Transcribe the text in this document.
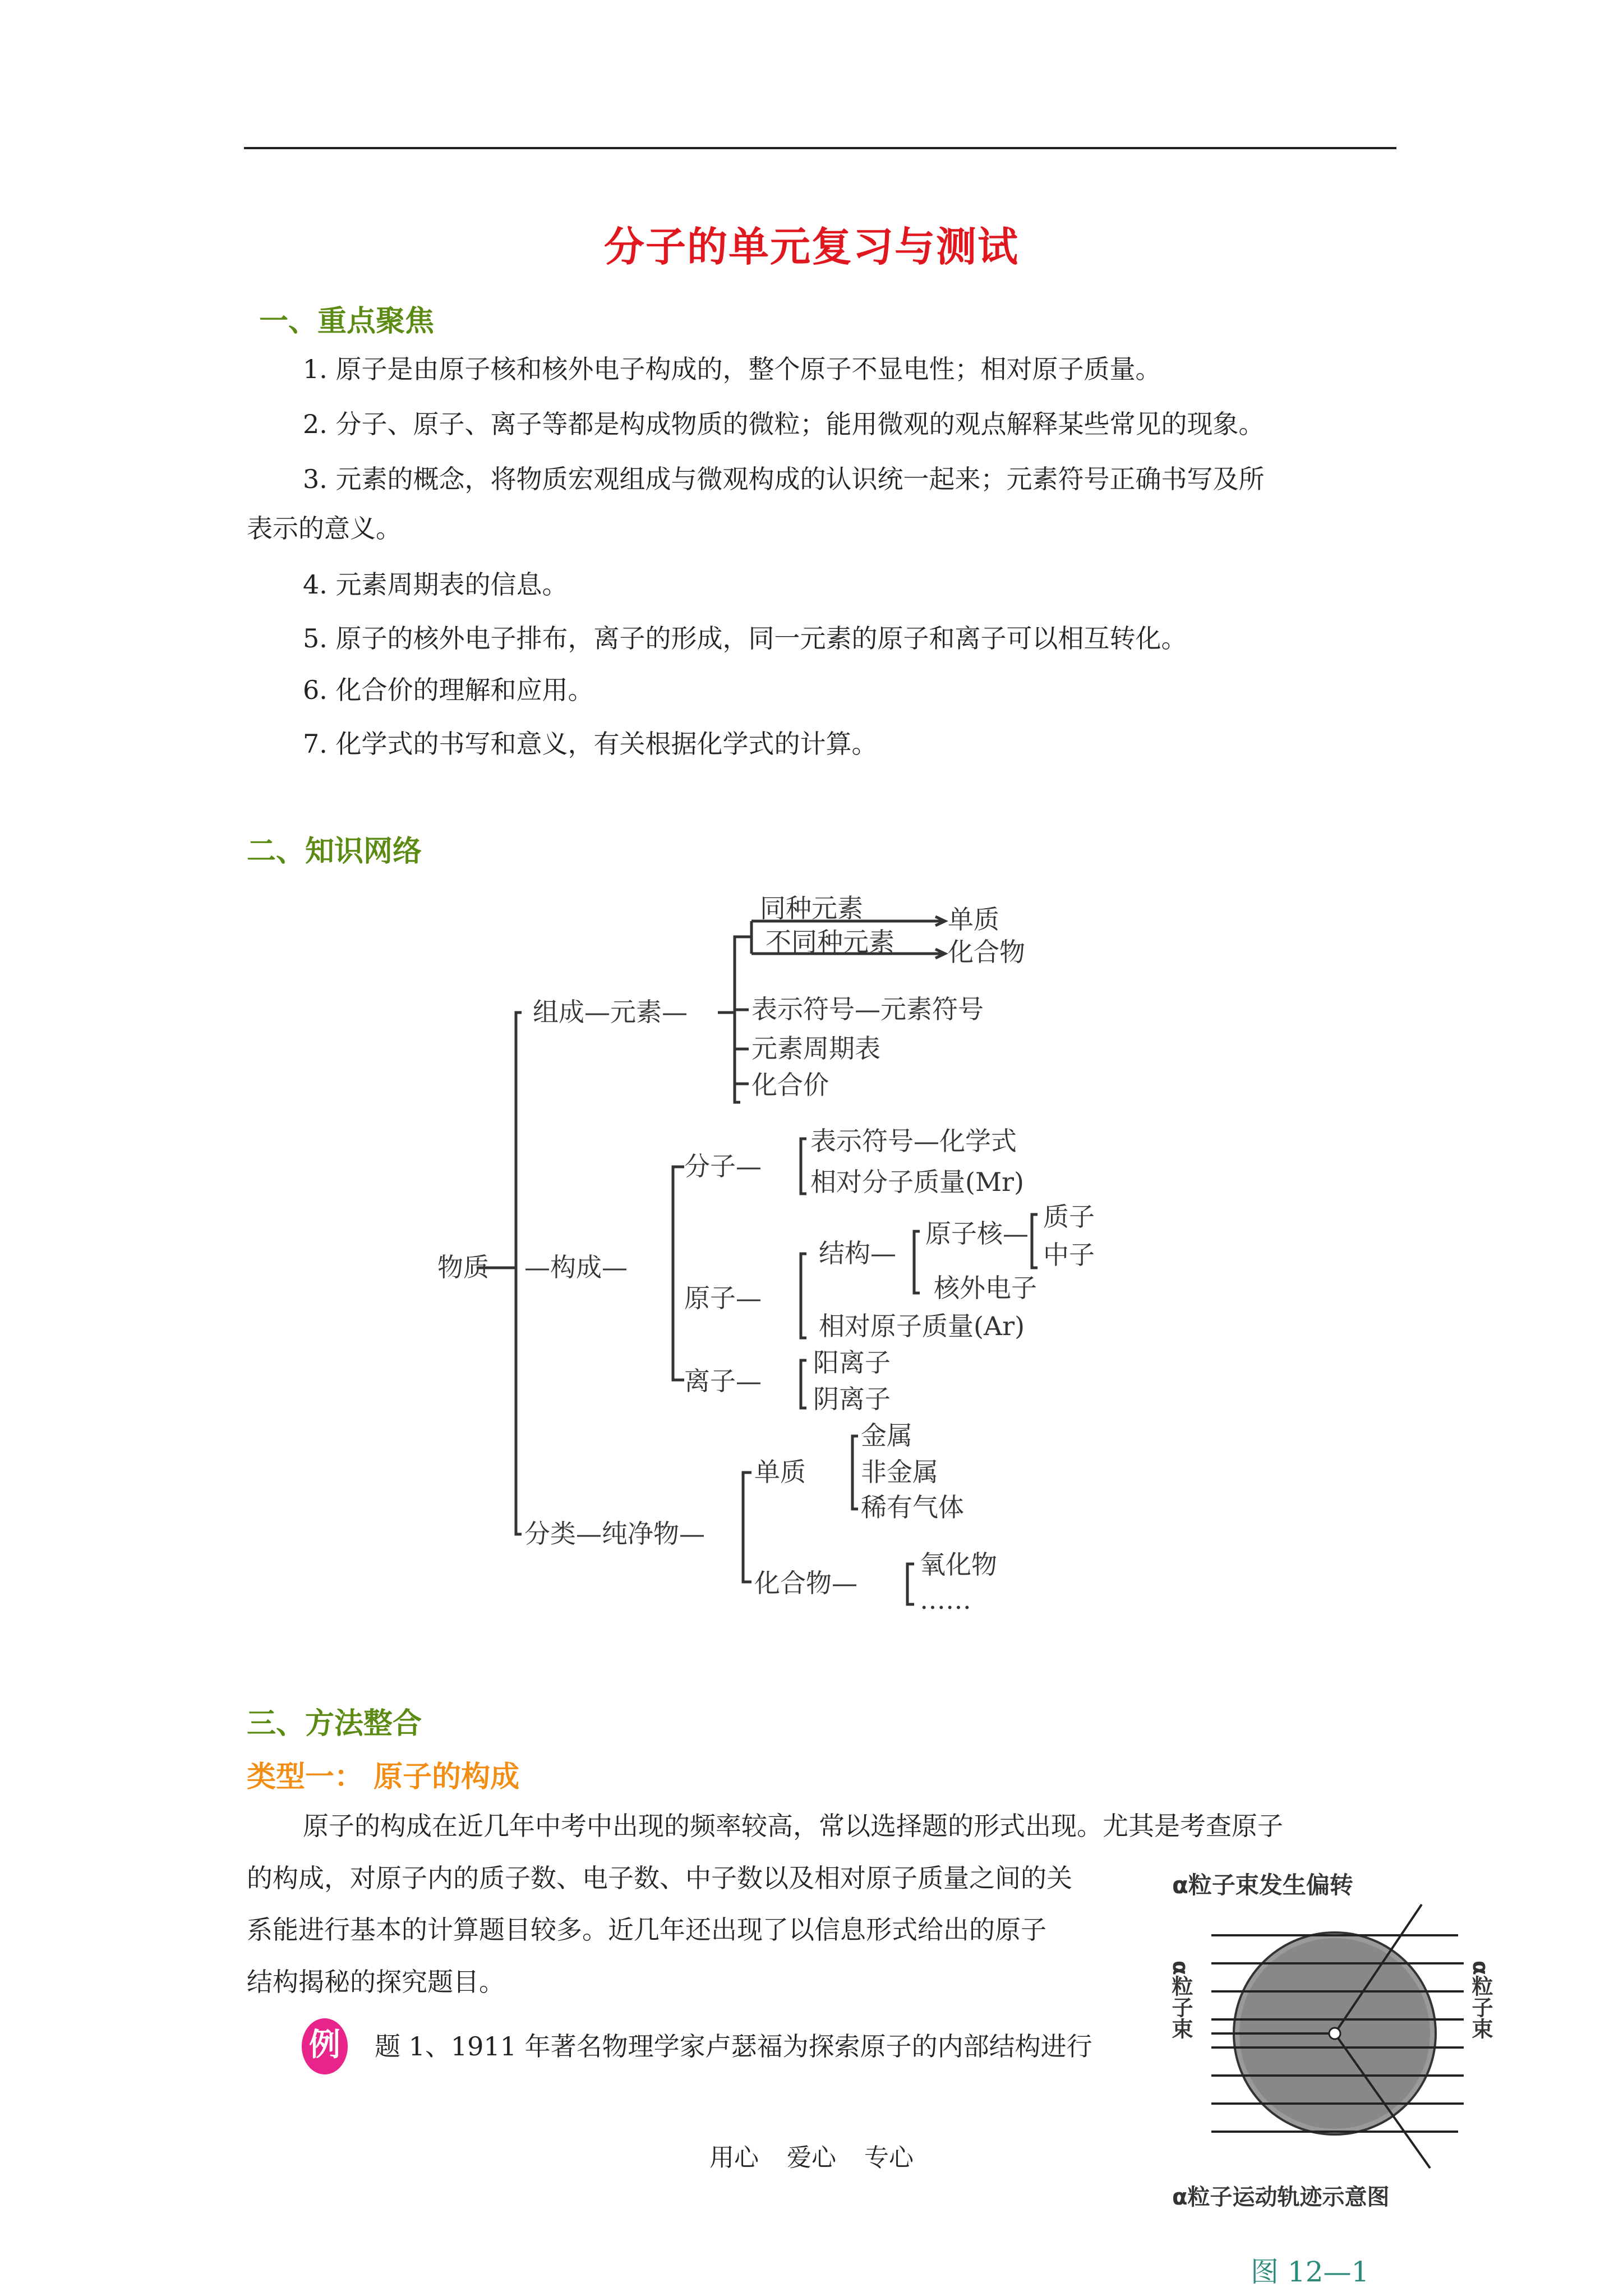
分子的单元复习与测试
一、重点聚焦
1. 原子是由原子核和核外电子构成的，整个原子不显电性；相对原子质量。
2. 分子、原子、离子等都是构成物质的微粒；能用微观的观点解释某些常见的现象。
3. 元素的概念，将物质宏观组成与微观构成的认识统一起来；元素符号正确书写及所
表示的意义。
4. 元素周期表的信息。
5. 原子的核外电子排布，离子的形成，同一元素的原子和离子可以相互转化。
6. 化合价的理解和应用。
7. 化学式的书写和意义，有关根据化学式的计算。
二、知识网络
物质
组成—元素—
同种元素	单质
不同种元素 化合物
表示符号—元素符号
元素周期表
化合价
—构成—
分子—
表示符号—化学式
相对分子质量(Mr)
原子—
结构—
原子核—
质子
中子
核外电子
相对原子质量(Ar)
离子—
阳离子
阴离子
分类—纯净物—
单质
金属
非金属
稀有气体
化合物—
氧化物
……
三、方法整合
类型一： 原子的构成
原子的构成在近几年中考中出现的频率较高，常以选择题的形式出现。尤其是考查原子
的构成，对原子内的质子数、电子数、中子数以及相对原子质量之间的关
系能进行基本的计算题目较多。近几年还出现了以信息形式给出的原子
结构揭秘的探究题目。
例 题 1、1911 年著名物理学家卢瑟福为探索原子的内部结构进行
α粒子束发生偏转
α粒子运动轨迹示意图
α粒子束	α粒子束
用心 爱心 专心
图 12—1
